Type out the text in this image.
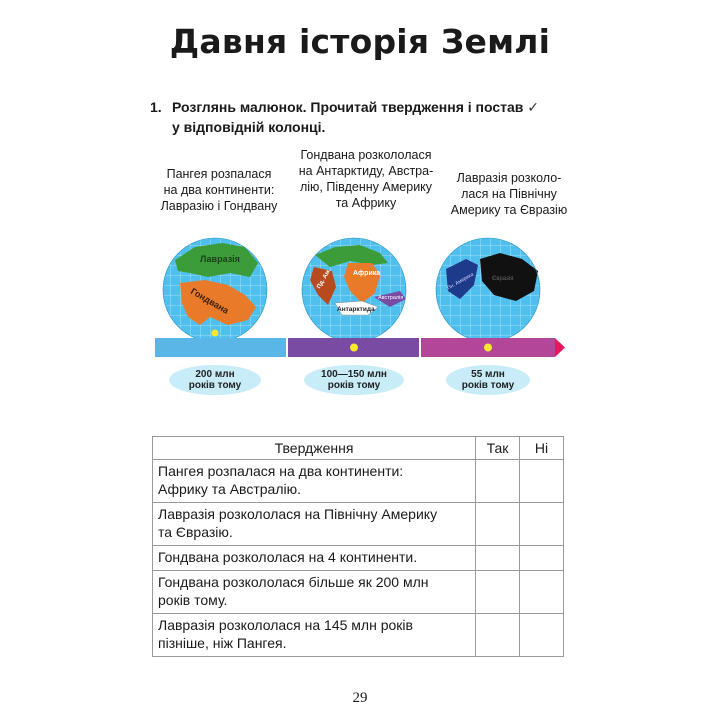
Давня історія Землі
1. Розглянь малюнок. Прочитай твердження і постав ✓
у відповідній колонці.
Пангея розпалася
на два континенти:
Лавразію і Гондвану
Гондвана розкололася
на Антарктиду, Австра-
лію, Південну Америку
та Африку
Лавразія розколо-
лася на Північну
Америку та Євразію
Лавразія
Гондвана
Африка
Пд. Ам.
Антарктида
Австралія
Пн. Америка	Євразія
200 млн
років тому
100—150 млн
років тому
55 млн
років тому
Твердження	Так	Ні

Пангея розпалася на два континенти:
Африку та Австралію.		

Лавразія розкололася на Північну Америку
та Євразію.		

Гондвана розкололася на 4 континенти.		

Гондвана розкололася більше як 200 млн
років тому.		

Лавразія розкололася на 145 млн років
пізніше, ніж Пангея.		

29
